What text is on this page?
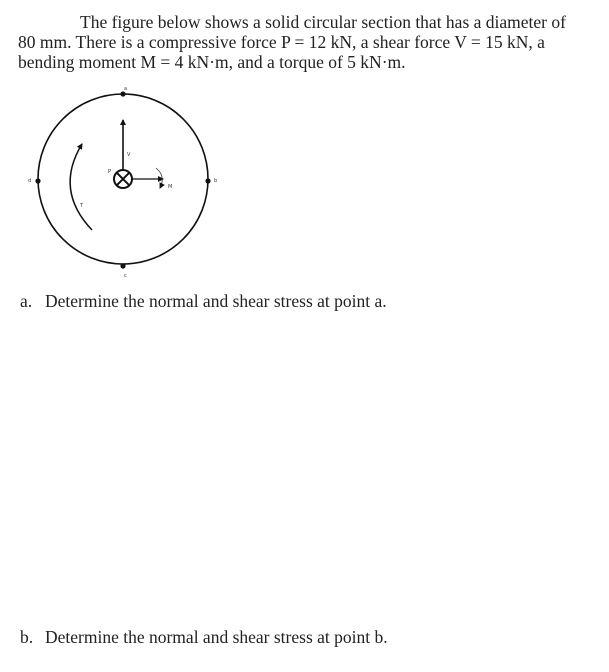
The figure below shows a solid circular section that has a diameter of
80 mm. There is a compressive force P = 12 kN, a shear force V = 15 kN, a
bending moment M = 4 kN·m, and a torque of 5 kN·m.

a
b
c
d
V
P
M
T

a. Determine the normal and shear stress at point a.

b. Determine the normal and shear stress at point b.
